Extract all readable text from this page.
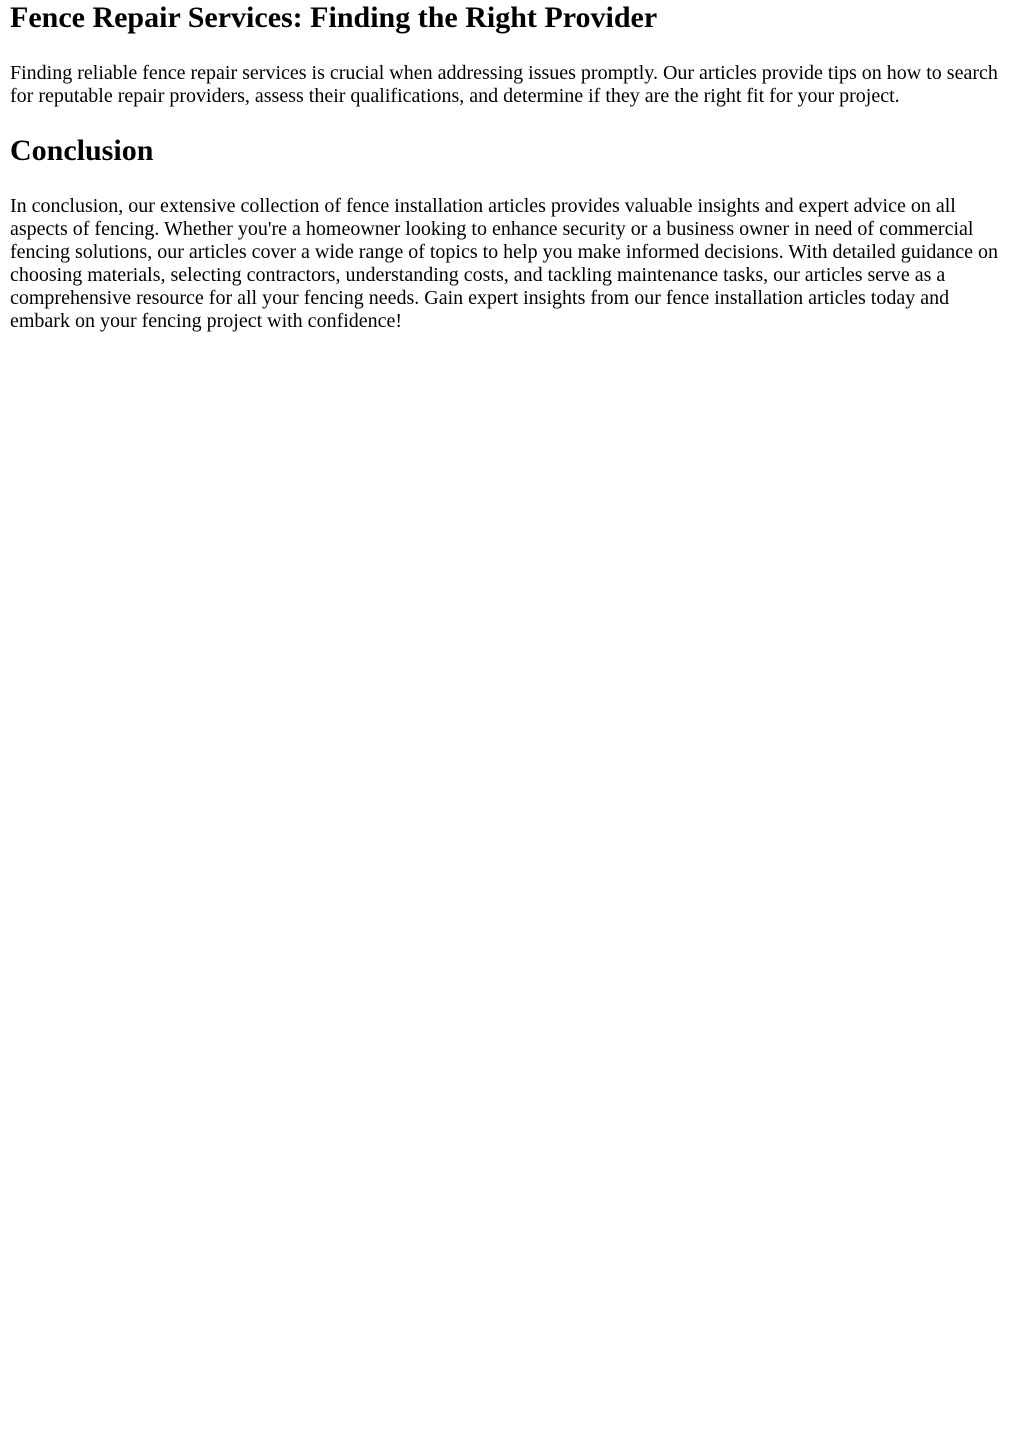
Fence Repair Services: Finding the Right Provider

Finding reliable fence repair services is crucial when addressing issues promptly. Our articles provide tips on how to search for reputable repair providers, assess their qualifications, and determine if they are the right fit for your project.

Conclusion

In conclusion, our extensive collection of fence installation articles provides valuable insights and expert advice on all aspects of fencing. Whether you're a homeowner looking to enhance security or a business owner in need of commercial fencing solutions, our articles cover a wide range of topics to help you make informed decisions. With detailed guidance on choosing materials, selecting contractors, understanding costs, and tackling maintenance tasks, our articles serve as a comprehensive resource for all your fencing needs. Gain expert insights from our fence installation articles today and embark on your fencing project with confidence!
